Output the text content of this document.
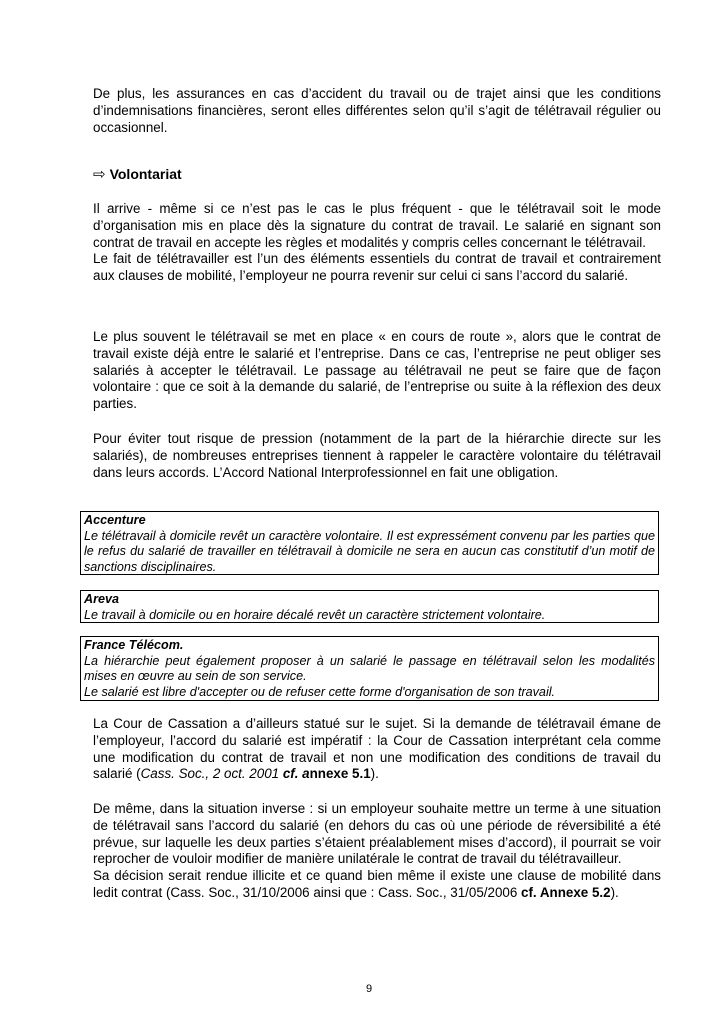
De plus, les assurances en cas d’accident du travail ou de trajet ainsi que les conditions d’indemnisations financières, seront elles différentes selon qu’il s’agit de télétravail régulier ou occasionnel.

⇨ Volontariat

Il arrive - même si ce n’est pas le cas le plus fréquent - que le télétravail soit le mode d’organisation mis en place dès la signature du contrat de travail. Le salarié en signant son contrat de travail en accepte les règles et modalités y compris celles concernant le télétravail.

Le fait de télétravailler est l’un des éléments essentiels du contrat de travail et contrairement aux clauses de mobilité, l’employeur ne pourra revenir sur celui ci sans l’accord du salarié.

Le plus souvent le télétravail se met en place « en cours de route », alors que le contrat de travail existe déjà entre le salarié et l’entreprise. Dans ce cas, l’entreprise ne peut obliger ses salariés à accepter le télétravail. Le passage au télétravail ne peut se faire que de façon volontaire : que ce soit à la demande du salarié, de l’entreprise ou suite à la réflexion des deux parties.

Pour éviter tout risque de pression (notamment de la part de la hiérarchie directe sur les salariés), de nombreuses entreprises tiennent à rappeler le caractère volontaire du télétravail dans leurs accords. L’Accord National Interprofessionnel en fait une obligation.

Accenture

Le télétravail à domicile revêt un caractère volontaire. Il est expressément convenu par les parties que le refus du salarié de travailler en télétravail à domicile ne sera en aucun cas constitutif d’un motif de sanctions disciplinaires.

Areva

Le travail à domicile ou en horaire décalé revêt un caractère strictement volontaire.

France Télécom.

La hiérarchie peut également proposer à un salarié le passage en télétravail selon les modalités mises en œuvre au sein de son service.

Le salarié est libre d'accepter ou de refuser cette forme d'organisation de son travail.

La Cour de Cassation a d’ailleurs statué sur le sujet. Si la demande de télétravail émane de l’employeur, l’accord du salarié est impératif : la Cour de Cassation interprétant cela comme une modification du contrat de travail et non une modification des conditions de travail du salarié (Cass. Soc., 2 oct. 2001 cf. annexe 5.1).

De même, dans la situation inverse : si un employeur souhaite mettre un terme à une situation de télétravail sans l’accord du salarié (en dehors du cas où une période de réversibilité a été prévue, sur laquelle les deux parties s’étaient préalablement mises d’accord), il pourrait se voir reprocher de vouloir modifier de manière unilatérale le contrat de travail du télétravailleur.

Sa décision serait rendue illicite et ce quand bien même il existe une clause de mobilité dans ledit contrat (Cass. Soc., 31/10/2006 ainsi que : Cass. Soc., 31/05/2006 cf. Annexe 5.2).

9
